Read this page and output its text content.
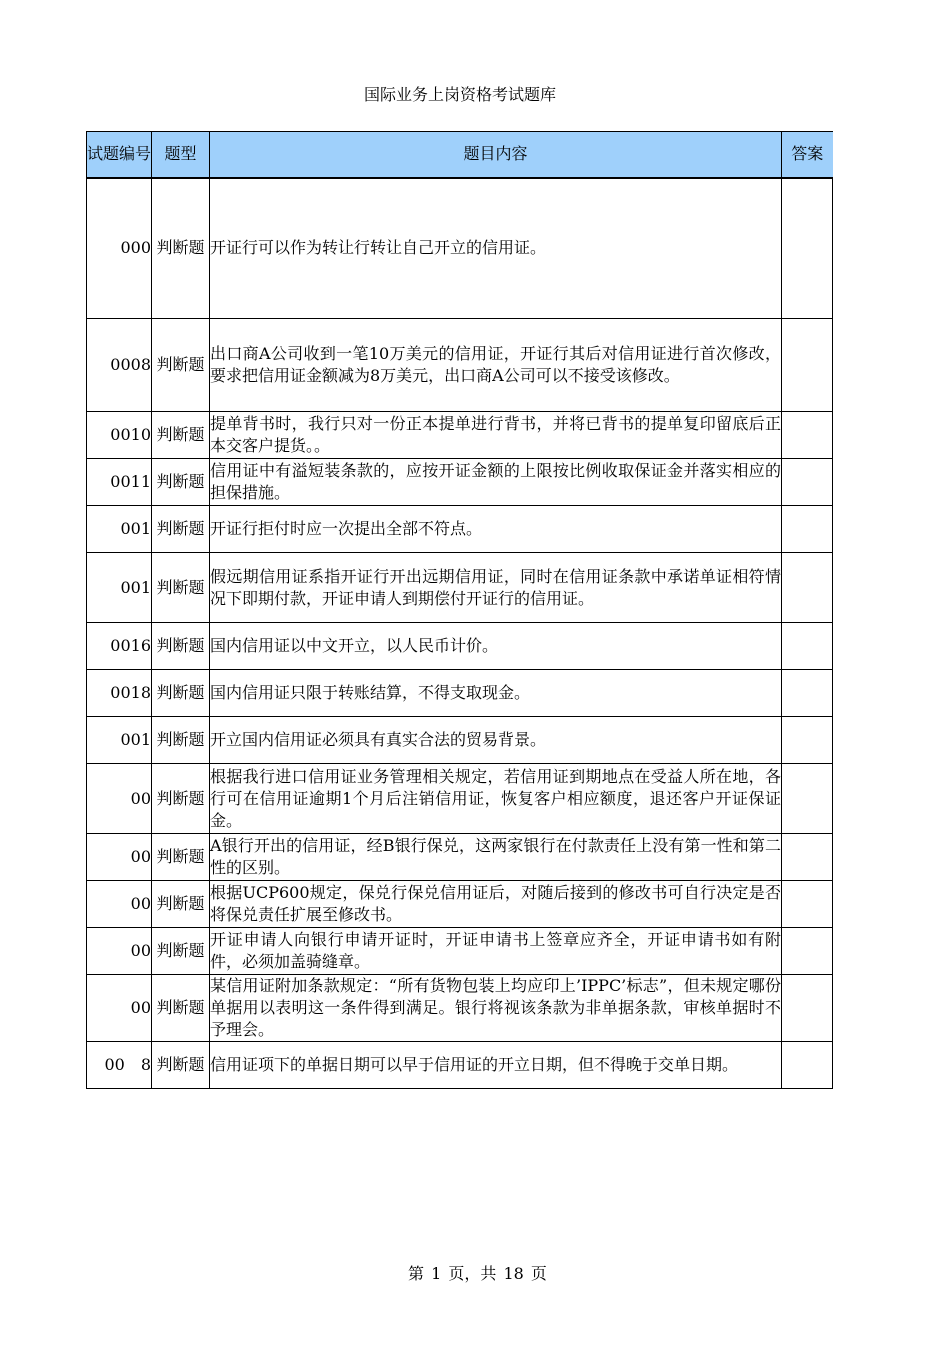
国际业务上岗资格考试题库
试题编号	题型	题目内容	答案
000	判断题	开证行可以作为转让行转让自己开立的信用证。	
0008	判断题	出口商A公司收到一笔10万美元的信用证，开证行其后对信用证进行首次修改，要求把信用证金额减为8万美元，出口商A公司可以不接受该修改。	
0010	判断题	提单背书时，我行只对一份正本提单进行背书，并将已背书的提单复印留底后正本交客户提货。。	
0011	判断题	信用证中有溢短装条款的，应按开证金额的上限按比例收取保证金并落实相应的担保措施。	
001	判断题	开证行拒付时应一次提出全部不符点。	
001	判断题	假远期信用证系指开证行开出远期信用证，同时在信用证条款中承诺单证相符情况下即期付款，开证申请人到期偿付开证行的信用证。	
0016	判断题	国内信用证以中文开立，以人民币计价。	
0018	判断题	国内信用证只限于转账结算，不得支取现金。	
001	判断题	开立国内信用证必须具有真实合法的贸易背景。	
00	判断题	根据我行进口信用证业务管理相关规定，若信用证到期地点在受益人所在地，各行可在信用证逾期1个月后注销信用证，恢复客户相应额度，退还客户开证保证金。	
00	判断题	A银行开出的信用证，经B银行保兑，这两家银行在付款责任上没有第一性和第二性的区别。	
00	判断题	根据UCP600规定，保兑行保兑信用证后，对随后接到的修改书可自行决定是否将保兑责任扩展至修改书。	
00	判断题	开证申请人向银行申请开证时，开证申请书上签章应齐全，开证申请书如有附件，必须加盖骑缝章。	
00	判断题	某信用证附加条款规定：“所有货物包装上均应印上’IPPC’标志”，但未规定哪份单据用以表明这一条件得到满足。银行将视该条款为非单据条款，审核单据时不予理会。	
00　8	判断题	信用证项下的单据日期可以早于信用证的开立日期，但不得晚于交单日期。	
第 1 页，共 18 页
